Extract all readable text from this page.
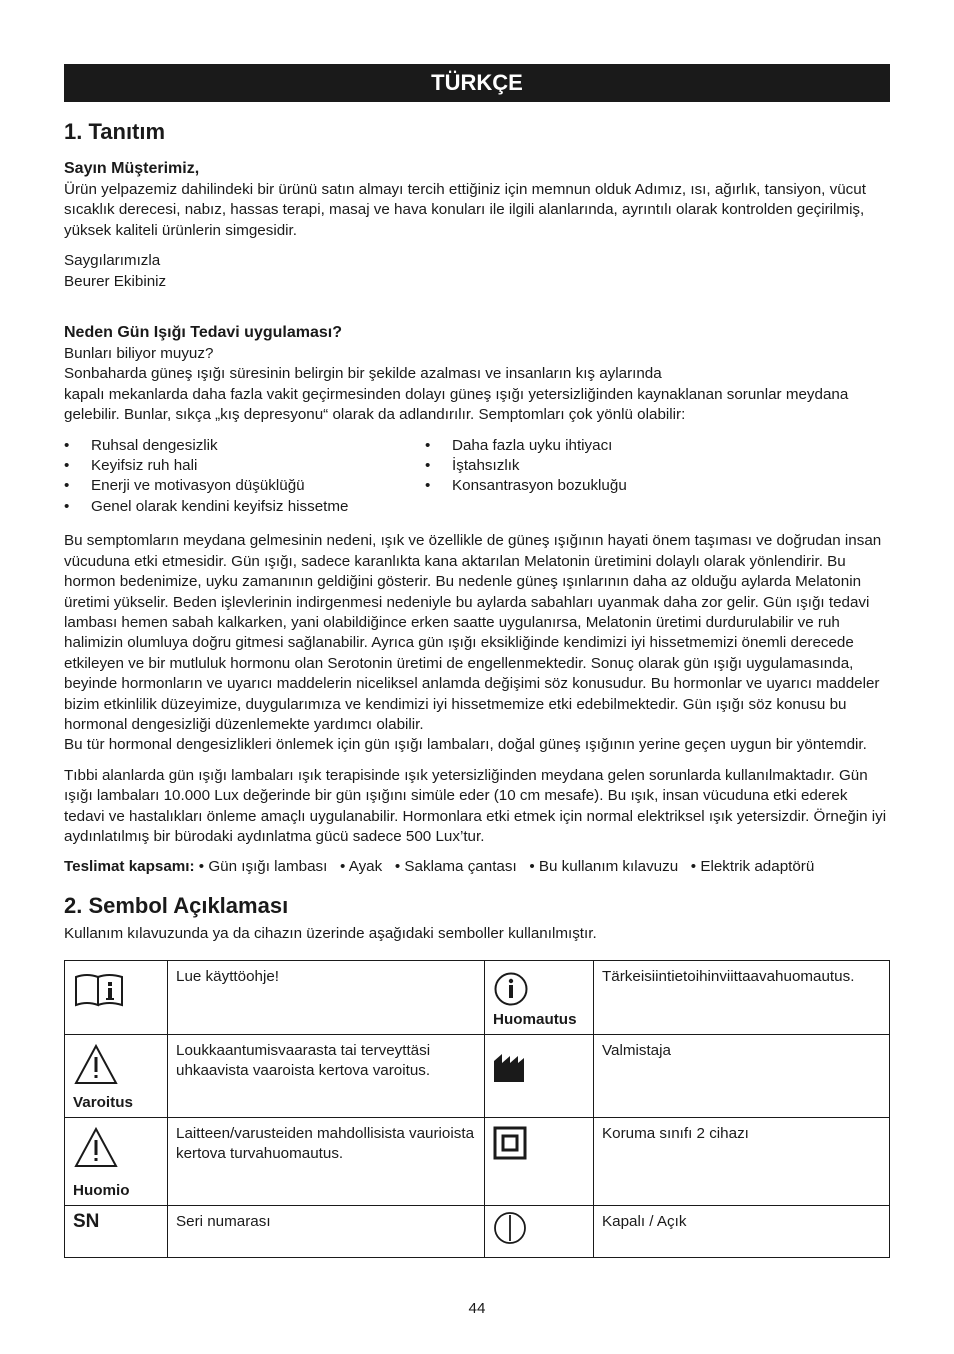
TÜRKÇE
1. Tanıtım
Sayın Müşterimiz,

Ürün yelpazemiz dahilindeki bir ürünü satın almayı tercih ettiğiniz için memnun olduk Adımız, ısı, ağırlık, tansiyon, vücut sıcaklık derecesi, nabız, hassas terapi, masaj ve hava konuları ile ilgili alanlarında, ayrıntılı olarak kontrolden geçirilmiş, yüksek kaliteli ürünlerin simgesidir.

Saygılarımızla

Beurer Ekibiniz

Neden Gün Işığı Tedavi uygulaması?

Bunları biliyor muyuz?
Sonbaharda güneş ışığı süresinin belirgin bir şekilde azalması ve insanların kış aylarında
kapalı mekanlarda daha fazla vakit geçirmesinden dolayı güneş ışığı yetersizliğinden kaynaklanan sorunlar meydana gelebilir. Bunlar, sıkça „kış depresyonu“ olarak da adlandırılır. Semptomları çok yönlü olabilir:

• Ruhsal dengesizlik
• Keyifsiz ruh hali
• Enerji ve motivasyon düşüklüğü
• Genel olarak kendini keyifsiz hissetme
• Daha fazla uyku ihtiyacı
• İştahsızlık
• Konsantrasyon bozukluğu

Bu semptomların meydana gelmesinin nedeni, ışık ve özellikle de güneş ışığının hayati önem taşıması ve doğrudan insan vücuduna etki etmesidir. Gün ışığı, sadece karanlıkta kana aktarılan Melatonin üretimini dolaylı olarak yönlendirir. Bu hormon bedenimize, uyku zamanının geldiğini gösterir. Bu nedenle güneş ışınlarının daha az olduğu aylarda Melatonin üretimi yükselir. Beden işlevlerinin indirgenmesi nedeniyle bu aylarda sabahları uyanmak daha zor gelir. Gün ışığı tedavi lambası hemen sabah kalkarken, yani olabildiğince erken saatte uygulanırsa, Melatonin üretimi durdurulabilir ve ruh halimizin olumluya doğru gitmesi sağlanabilir. Ayrıca gün ışığı eksikliğinde kendimizi iyi hissetmemizi önemli derecede etkileyen ve bir mutluluk hormonu olan Serotonin üretimi de engellenmektedir. Sonuç olarak gün ışığı uygulamasında, beyinde hormonların ve uyarıcı maddelerin niceliksel anlamda değişimi söz konusudur. Bu hormonlar ve uyarıcı maddeler bizim etkinlilik düzeyimize, duygularımıza ve kendimizi iyi hissetmemize etki edebilmektedir. Gün ışığı söz konusu bu hormonal dengesizliği düzenlemekte yardımcı olabilir.

Bu tür hormonal dengesizlikleri önlemek için gün ışığı lambaları, doğal güneş ışığının yerine geçen uygun bir yöntemdir.

Tıbbi alanlarda gün ışığı lambaları ışık terapisinde ışık yetersizliğinden meydana gelen sorunlarda kullanılmaktadır. Gün ışığı lambaları 10.000 Lux değerinde bir gün ışığını simüle eder (10 cm mesafe). Bu ışık, insan vücuduna etki ederek tedavi ve hastalıkları önleme amaçlı uygulanabilir. Hormonlara etki etmek için normal elektriksel ışık yetersizdir. Örneğin iyi aydınlatılmış bir bürodaki aydınlatma gücü sadece 500 Lux’tur.

Teslimat kapsamı: • Gün ışığı lambası   • Ayak   • Saklama çantası   • Bu kullanım kılavuzu   • Elektrik adaptörü
2. Sembol Açıklaması

Kullanım kılavuzunda ya da cihazın üzerinde aşağıdaki semboller kullanılmıştır.

	Lue käyttöohje!	Huomautus	Tärkeisiintietoihinviittaavahuomautus.

Varoitus	Loukkaantumisvaarasta tai terveyttäsi uhkaavista vaaroista kertova varoitus.		Valmistaja

Huomio	Laitteen/varusteiden mahdollisista vaurioista kertova turvahuomautus.		Koruma sınıfı 2 cihazı
SN	Seri numarası		Kapalı / Açık
44
